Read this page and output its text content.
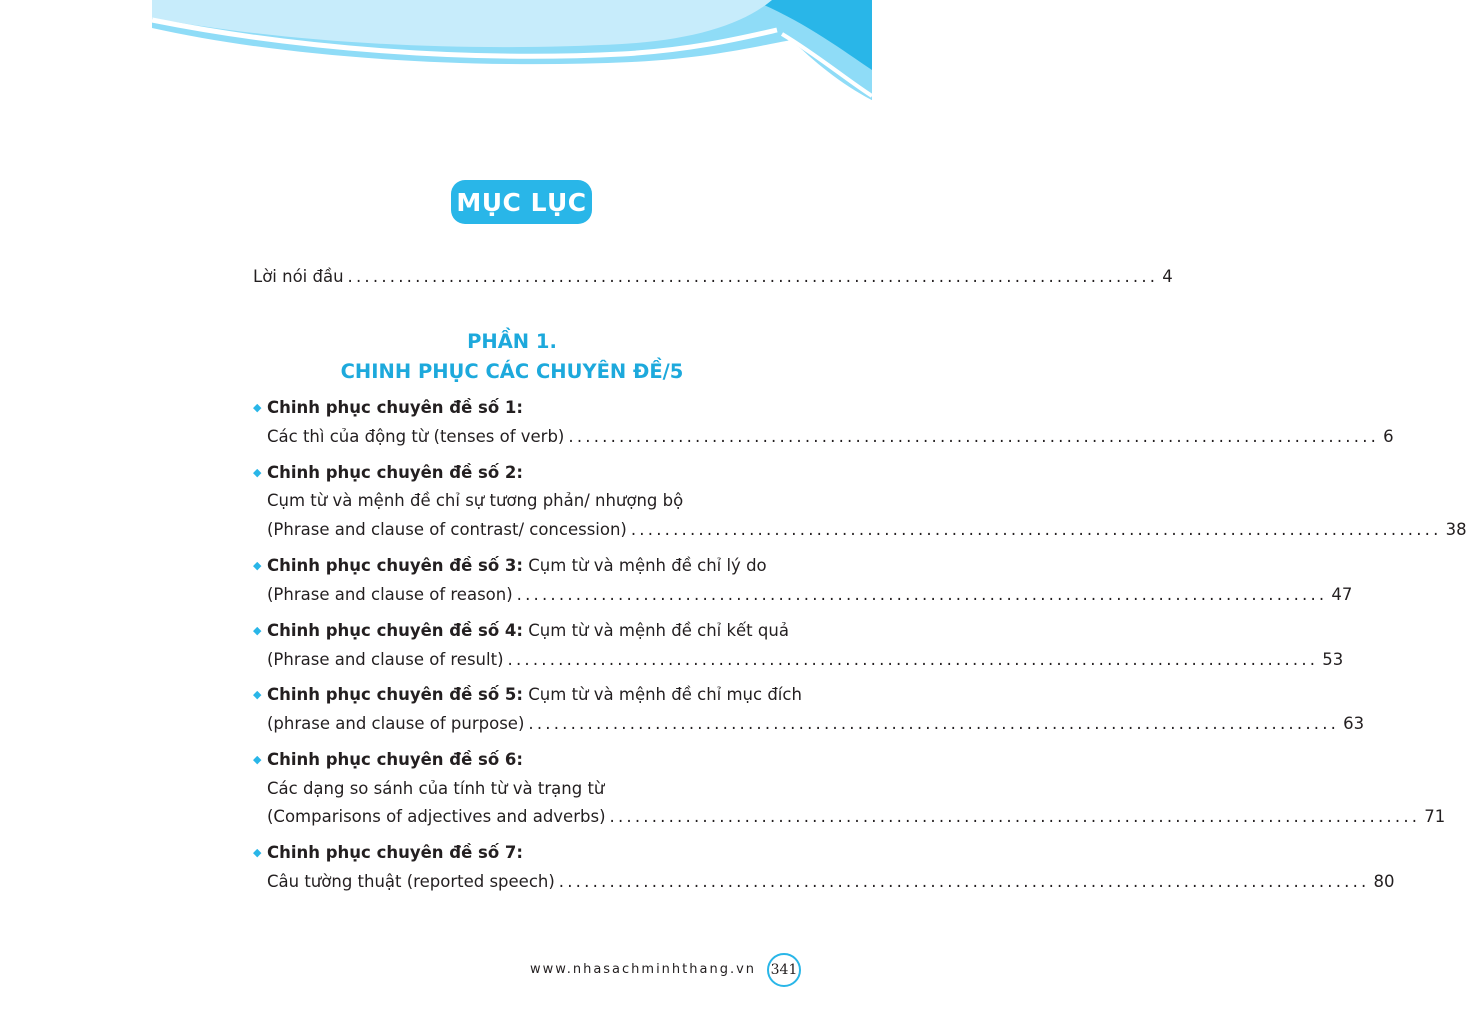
MỤC LỤC
Lời nói đầu ................................................................................................ 4
PHẦN 1.
CHINH PHỤC CÁC CHUYÊN ĐỀ/5
◆ Chinh phục chuyên đề số 1:
Các thì của động từ (tenses of verb) ................................................................................................ 6
◆ Chinh phục chuyên đề số 2:
Cụm từ và mệnh đề chỉ sự tương phản/ nhượng bộ
(Phrase and clause of contrast/ concession) ................................................................................................ 38
◆ Chinh phục chuyên đề số 3: Cụm từ và mệnh đề chỉ lý do
(Phrase and clause of reason) ................................................................................................ 47
◆ Chinh phục chuyên đề số 4: Cụm từ và mệnh đề chỉ kết quả
(Phrase and clause of result) ................................................................................................ 53
◆ Chinh phục chuyên đề số 5: Cụm từ và mệnh đề chỉ mục đích
(phrase and clause of purpose) ................................................................................................ 63
◆ Chinh phục chuyên đề số 6:
Các dạng so sánh của tính từ và trạng từ
(Comparisons of adjectives and adverbs) ................................................................................................ 71
◆ Chinh phục chuyên đề số 7:
Câu tường thuật (reported speech) ................................................................................................ 80
www.nhasachminhthang.vn 341
